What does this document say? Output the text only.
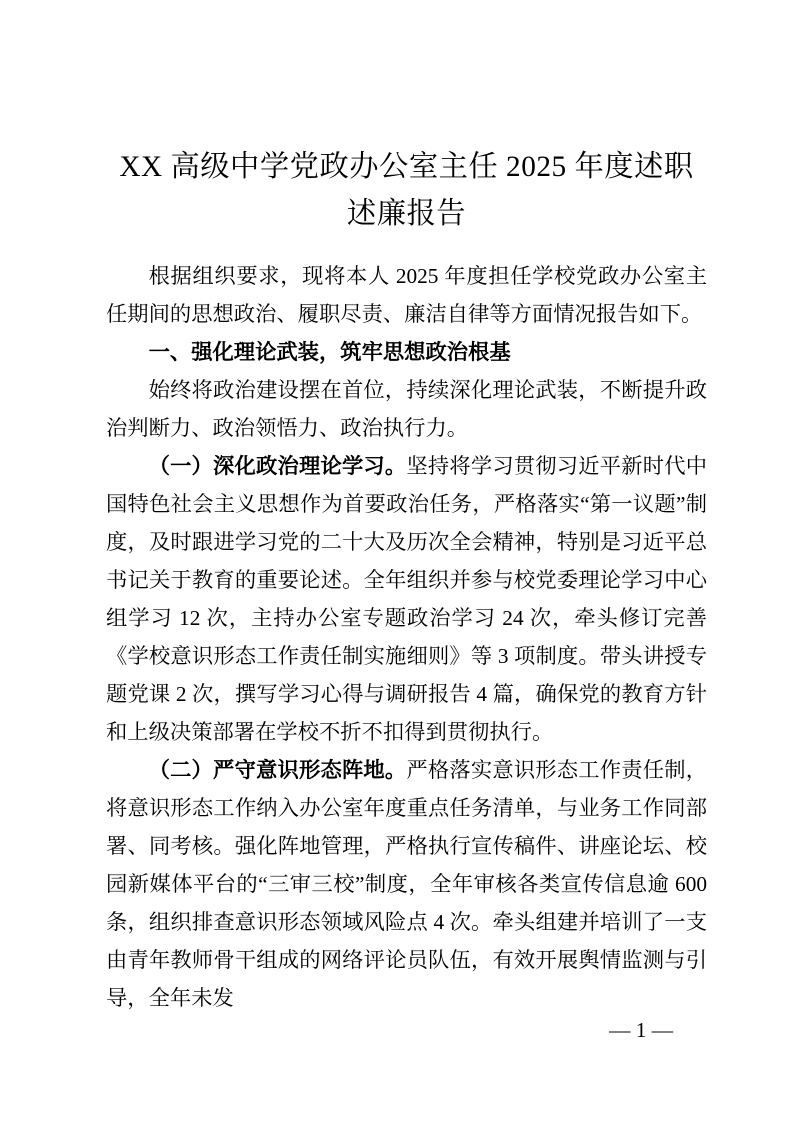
XX 高级中学党政办公室主任 2025 年度述职述廉报告

根据组织要求，现将本人 2025 年度担任学校党政办公室主任期间的思想政治、履职尽责、廉洁自律等方面情况报告如下。

一、强化理论武装，筑牢思想政治根基

始终将政治建设摆在首位，持续深化理论武装，不断提升政治判断力、政治领悟力、政治执行力。

（一）深化政治理论学习。坚持将学习贯彻习近平新时代中国特色社会主义思想作为首要政治任务，严格落实“第一议题”制度，及时跟进学习党的二十大及历次全会精神，特别是习近平总书记关于教育的重要论述。全年组织并参与校党委理论学习中心组学习 12 次，主持办公室专题政治学习 24 次，牵头修订完善《学校意识形态工作责任制实施细则》等 3 项制度。带头讲授专题党课 2 次，撰写学习心得与调研报告 4 篇，确保党的教育方针和上级决策部署在学校不折不扣得到贯彻执行。

（二）严守意识形态阵地。严格落实意识形态工作责任制，将意识形态工作纳入办公室年度重点任务清单，与业务工作同部署、同考核。强化阵地管理，严格执行宣传稿件、讲座论坛、校园新媒体平台的“三审三校”制度，全年审核各类宣传信息逾 600 条，组织排查意识形态领域风险点 4 次。牵头组建并培训了一支由青年教师骨干组成的网络评论员队伍，有效开展舆情监测与引导，全年未发

— 1 —
